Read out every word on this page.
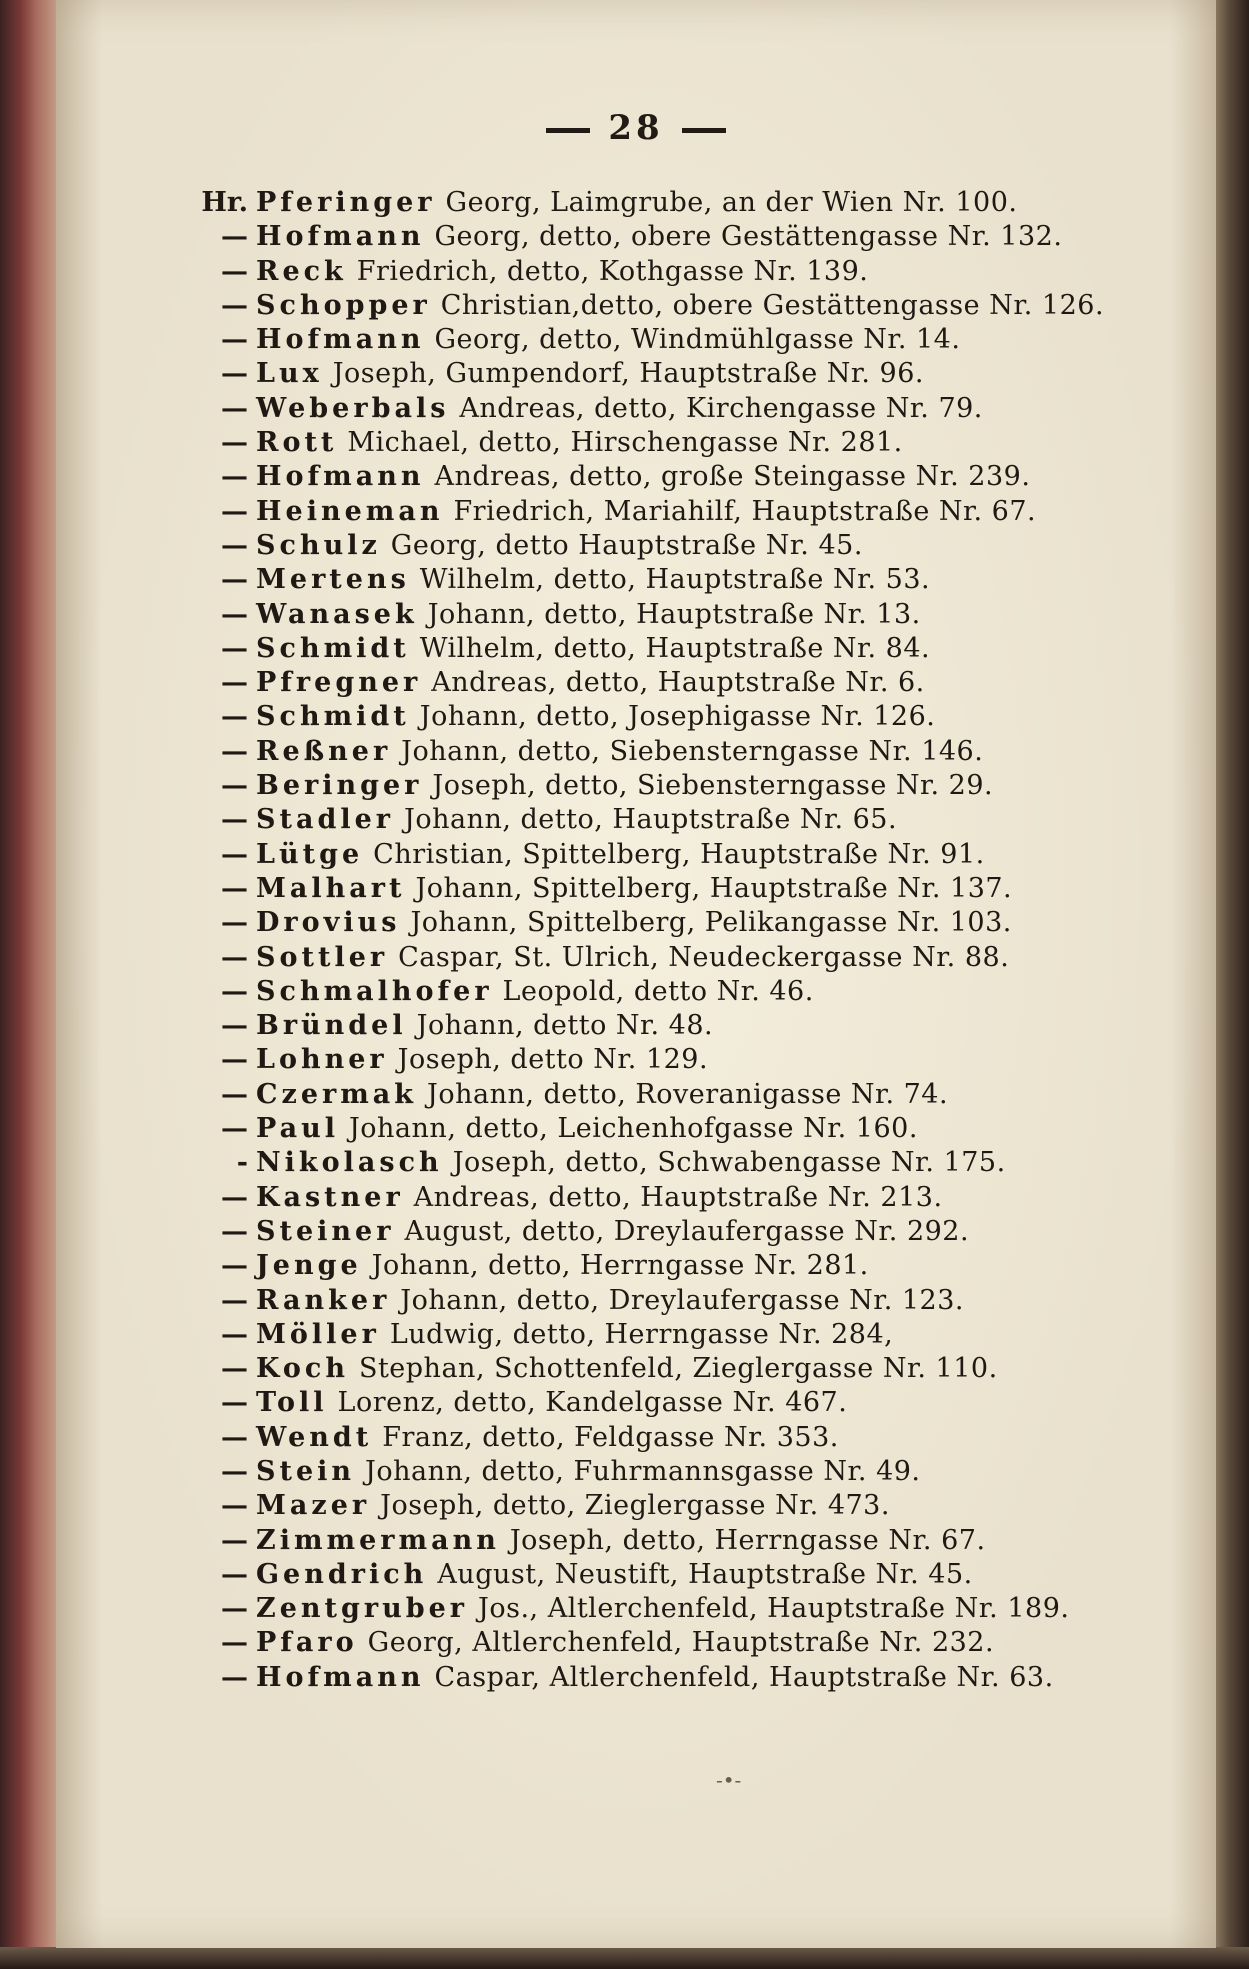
28
Hr. Pferinger Georg, Laimgrube, an der Wien Nr. 100.
— Hofmann Georg, detto, obere Gestättengasse Nr. 132.
— Reck Friedrich, detto, Kothgasse Nr. 139.
— Schopper Christian,detto, obere Gestättengasse Nr. 126.
— Hofmann Georg, detto, Windmühlgasse Nr. 14.
— Lux Joseph, Gumpendorf, Hauptstraße Nr. 96.
— Weberbals Andreas, detto, Kirchengasse Nr. 79.
— Rott Michael, detto, Hirschengasse Nr. 281.
— Hofmann Andreas, detto, große Steingasse Nr. 239.
— Heineman Friedrich, Mariahilf, Hauptstraße Nr. 67.
— Schulz Georg, detto Hauptstraße Nr. 45.
— Mertens Wilhelm, detto, Hauptstraße Nr. 53.
— Wanasek Johann, detto, Hauptstraße Nr. 13.
— Schmidt Wilhelm, detto, Hauptstraße Nr. 84.
— Pfregner Andreas, detto, Hauptstraße Nr. 6.
— Schmidt Johann, detto, Josephigasse Nr. 126.
— Reßner Johann, detto, Siebensterngasse Nr. 146.
— Beringer Joseph, detto, Siebensterngasse Nr. 29.
— Stadler Johann, detto, Hauptstraße Nr. 65.
— Lütge Christian, Spittelberg, Hauptstraße Nr. 91.
— Malhart Johann, Spittelberg, Hauptstraße Nr. 137.
— Drovius Johann, Spittelberg, Pelikangasse Nr. 103.
— Sottler Caspar, St. Ulrich, Neudeckergasse Nr. 88.
— Schmalhofer Leopold, detto Nr. 46.
— Bründel Johann, detto Nr. 48.
— Lohner Joseph, detto Nr. 129.
— Czermak Johann, detto, Roveranigasse Nr. 74.
— Paul Johann, detto, Leichenhofgasse Nr. 160.
- Nikolasch Joseph, detto, Schwabengasse Nr. 175.
— Kastner Andreas, detto, Hauptstraße Nr. 213.
— Steiner August, detto, Dreylaufergasse Nr. 292.
— Jenge Johann, detto, Herrngasse Nr. 281.
— Ranker Johann, detto, Dreylaufergasse Nr. 123.
— Möller Ludwig, detto, Herrngasse Nr. 284,
— Koch Stephan, Schottenfeld, Zieglergasse Nr. 110.
— Toll Lorenz, detto, Kandelgasse Nr. 467.
— Wendt Franz, detto, Feldgasse Nr. 353.
— Stein Johann, detto, Fuhrmannsgasse Nr. 49.
— Mazer Joseph, detto, Zieglergasse Nr. 473.
— Zimmermann Joseph, detto, Herrngasse Nr. 67.
— Gendrich August, Neustift, Hauptstraße Nr. 45.
— Zentgruber Jos., Altlerchenfeld, Hauptstraße Nr. 189.
— Pfaro Georg, Altlerchenfeld, Hauptstraße Nr. 232.
— Hofmann Caspar, Altlerchenfeld, Hauptstraße Nr. 63.
-•-
